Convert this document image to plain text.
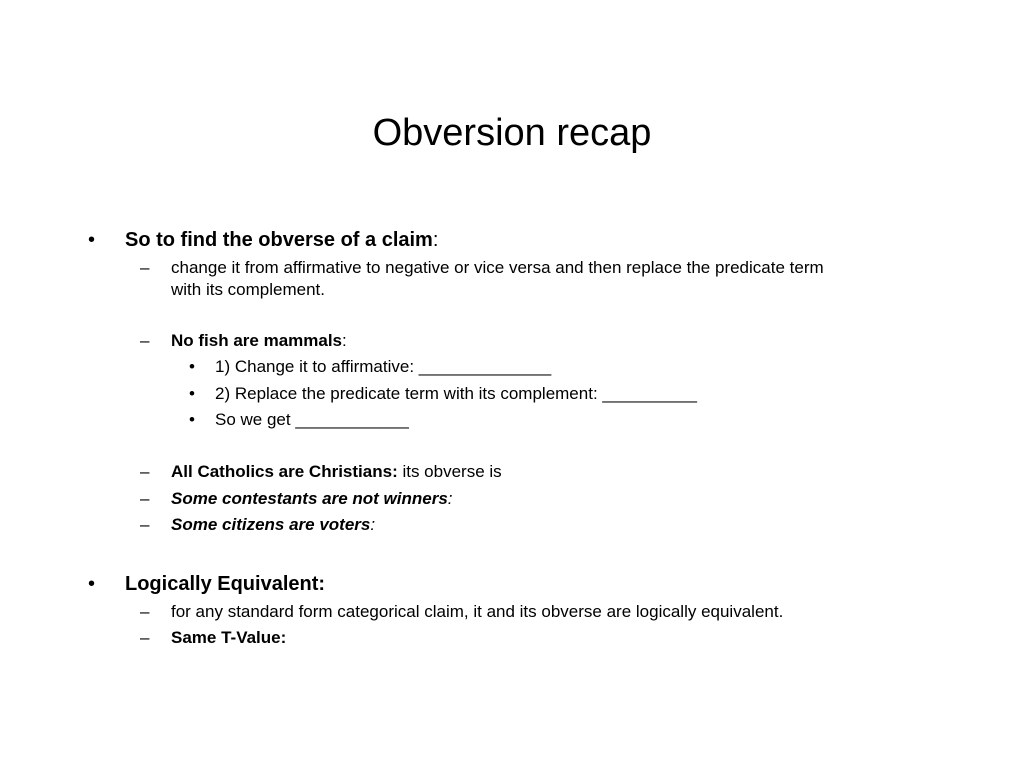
Obversion recap
• So to find the obverse of a claim:
– change it from affirmative to negative or vice versa and then replace the predicate term
with its complement.
– No fish are mammals:
• 1) Change it to affirmative: ______________
• 2) Replace the predicate term with its complement: __________
• So we get ____________
– All Catholics are Christians: its obverse is
– Some contestants are not winners:
– Some citizens are voters:
• Logically Equivalent:
– for any standard form categorical claim, it and its obverse are logically equivalent.
– Same T-Value:
